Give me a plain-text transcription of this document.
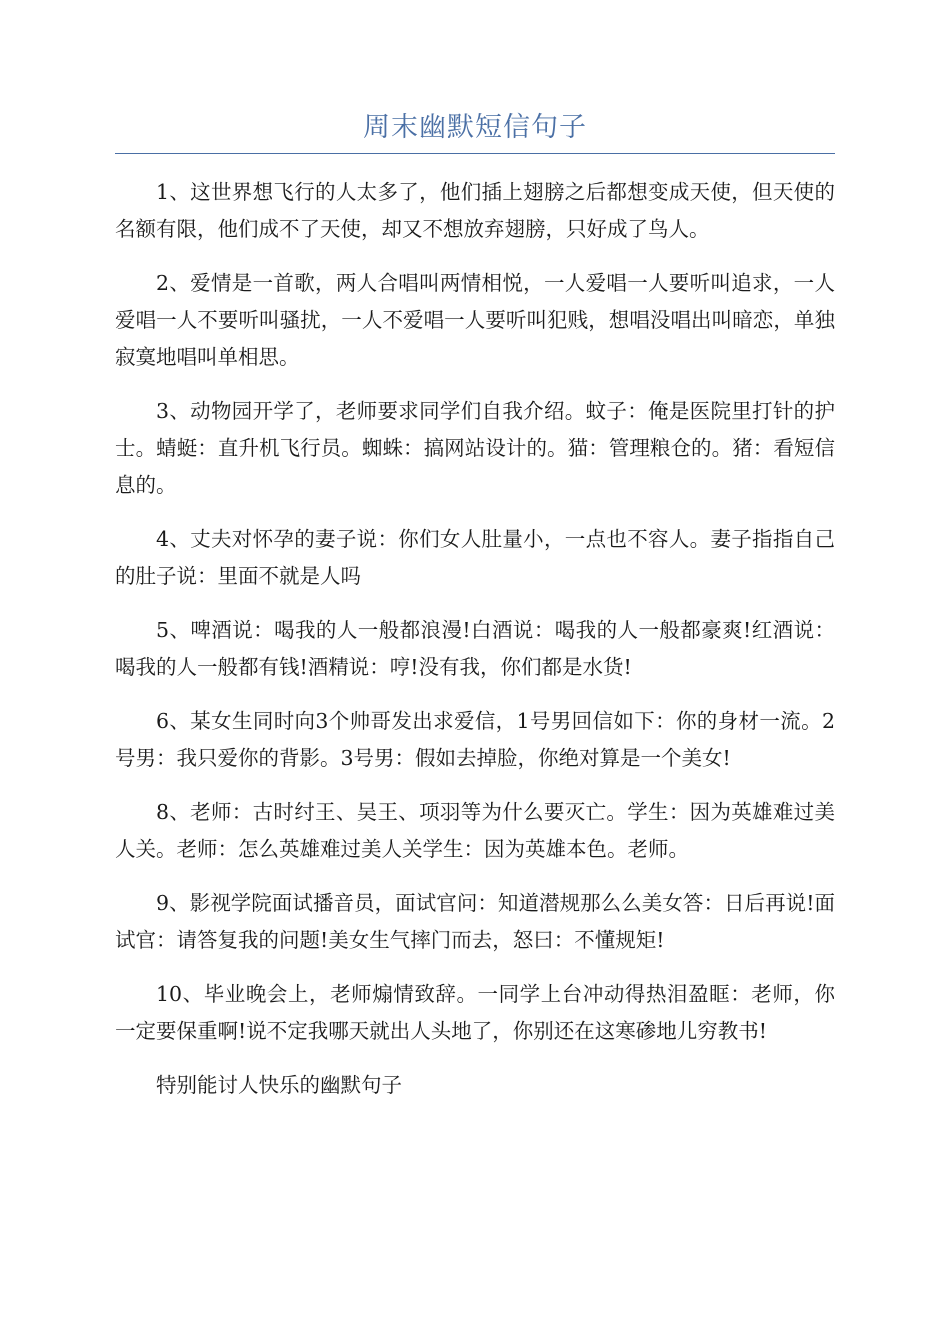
周末幽默短信句子

1、这世界想飞行的人太多了，他们插上翅膀之后都想变成天使，但天使的名额有限，他们成不了天使，却又不想放弃翅膀，只好成了鸟人。

2、爱情是一首歌，两人合唱叫两情相悦，一人爱唱一人要听叫追求，一人爱唱一人不要听叫骚扰，一人不爱唱一人要听叫犯贱，想唱没唱出叫暗恋，单独寂寞地唱叫单相思。

3、动物园开学了，老师要求同学们自我介绍。蚊子：俺是医院里打针的护士。蜻蜓：直升机飞行员。蜘蛛：搞网站设计的。猫：管理粮仓的。猪：看短信息的。

4、丈夫对怀孕的妻子说：你们女人肚量小，一点也不容人。妻子指指自己的肚子说：里面不就是人吗

5、啤酒说：喝我的人一般都浪漫!白酒说：喝我的人一般都豪爽!红酒说：喝我的人一般都有钱!酒精说：哼!没有我，你们都是水货!

6、某女生同时向3个帅哥发出求爱信，1号男回信如下：你的身材一流。2号男：我只爱你的背影。3号男：假如去掉脸，你绝对算是一个美女!

8、老师：古时纣王、吴王、项羽等为什么要灭亡。学生：因为英雄难过美人关。老师：怎么英雄难过美人关学生：因为英雄本色。老师。

9、影视学院面试播音员，面试官问：知道潜规那么么美女答：日后再说!面试官：请答复我的问题!美女生气摔门而去，怒曰：不懂规矩!

10、毕业晚会上，老师煽情致辞。一同学上台冲动得热泪盈眶：老师，你一定要保重啊!说不定我哪天就出人头地了，你别还在这寒碜地儿穷教书!

特别能讨人快乐的幽默句子
